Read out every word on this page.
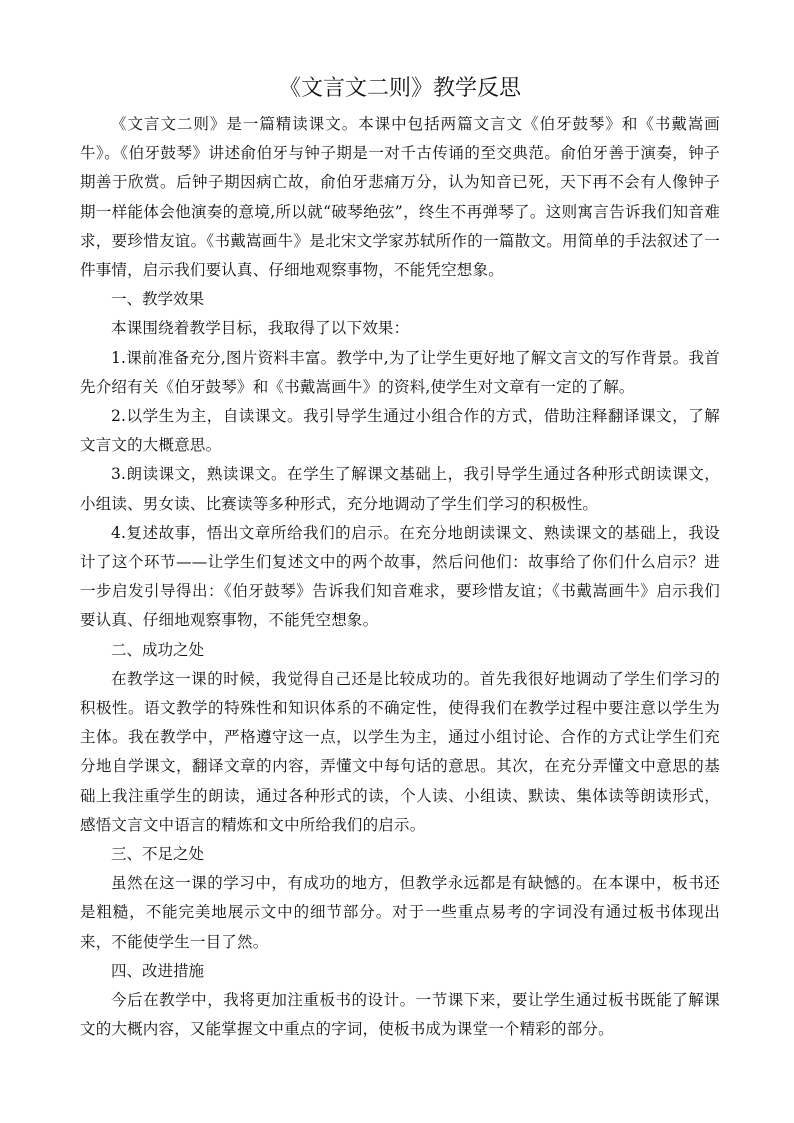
《文言文二则》教学反思

《文言文二则》是一篇精读课文。本课中包括两篇文言文《伯牙鼓琴》和《书戴嵩画牛》。《伯牙鼓琴》讲述俞伯牙与钟子期是一对千古传诵的至交典范。俞伯牙善于演奏，钟子期善于欣赏。后钟子期因病亡故，俞伯牙悲痛万分，认为知音已死，天下再不会有人像钟子期一样能体会他演奏的意境,所以就“破琴绝弦”，终生不再弹琴了。这则寓言告诉我们知音难求，要珍惜友谊。《书戴嵩画牛》是北宋文学家苏轼所作的一篇散文。用简单的手法叙述了一件事情，启示我们要认真、仔细地观察事物，不能凭空想象。

一、教学效果

本课围绕着教学目标，我取得了以下效果：

1.课前准备充分,图片资料丰富。教学中,为了让学生更好地了解文言文的写作背景。我首先介绍有关《伯牙鼓琴》和《书戴嵩画牛》的资料,使学生对文章有一定的了解。

2.以学生为主，自读课文。我引导学生通过小组合作的方式，借助注释翻译课文，了解文言文的大概意思。

3.朗读课文，熟读课文。在学生了解课文基础上，我引导学生通过各种形式朗读课文，小组读、男女读、比赛读等多种形式，充分地调动了学生们学习的积极性。

4.复述故事，悟出文章所给我们的启示。在充分地朗读课文、熟读课文的基础上，我设计了这个环节——让学生们复述文中的两个故事，然后问他们：故事给了你们什么启示？进一步启发引导得出：《伯牙鼓琴》告诉我们知音难求，要珍惜友谊；《书戴嵩画牛》启示我们要认真、仔细地观察事物，不能凭空想象。

二、成功之处

在教学这一课的时候，我觉得自己还是比较成功的。首先我很好地调动了学生们学习的积极性。语文教学的特殊性和知识体系的不确定性，使得我们在教学过程中要注意以学生为主体。我在教学中，严格遵守这一点，以学生为主，通过小组讨论、合作的方式让学生们充分地自学课文，翻译文章的内容，弄懂文中每句话的意思。其次，在充分弄懂文中意思的基础上我注重学生的朗读，通过各种形式的读，个人读、小组读、默读、集体读等朗读形式，感悟文言文中语言的精炼和文中所给我们的启示。

三、不足之处

虽然在这一课的学习中，有成功的地方，但教学永远都是有缺憾的。在本课中，板书还是粗糙，不能完美地展示文中的细节部分。对于一些重点易考的字词没有通过板书体现出来，不能使学生一目了然。

四、改进措施

今后在教学中，我将更加注重板书的设计。一节课下来，要让学生通过板书既能了解课文的大概内容，又能掌握文中重点的字词，使板书成为课堂一个精彩的部分。
